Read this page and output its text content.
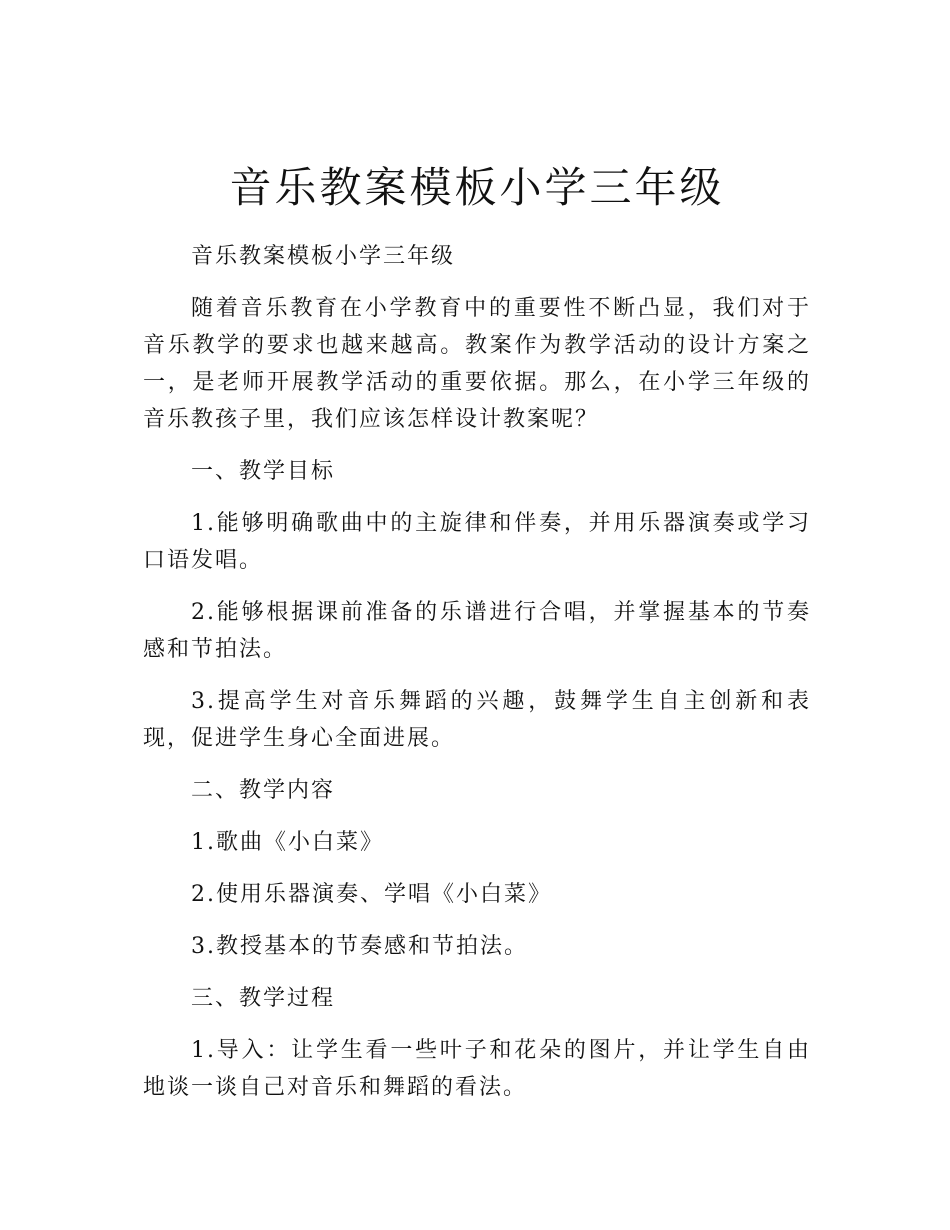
音乐教案模板小学三年级

音乐教案模板小学三年级

随着音乐教育在小学教育中的重要性不断凸显，我们对于音乐教学的要求也越来越高。教案作为教学活动的设计方案之一，是老师开展教学活动的重要依据。那么，在小学三年级的音乐教孩子里，我们应该怎样设计教案呢？

一、教学目标

1.能够明确歌曲中的主旋律和伴奏，并用乐器演奏或学习口语发唱。

2.能够根据课前准备的乐谱进行合唱，并掌握基本的节奏感和节拍法。

3.提高学生对音乐舞蹈的兴趣，鼓舞学生自主创新和表现，促进学生身心全面进展。

二、教学内容

1.歌曲《小白菜》

2.使用乐器演奏、学唱《小白菜》

3.教授基本的节奏感和节拍法。

三、教学过程

1.导入：让学生看一些叶子和花朵的图片，并让学生自由地谈一谈自己对音乐和舞蹈的看法。
